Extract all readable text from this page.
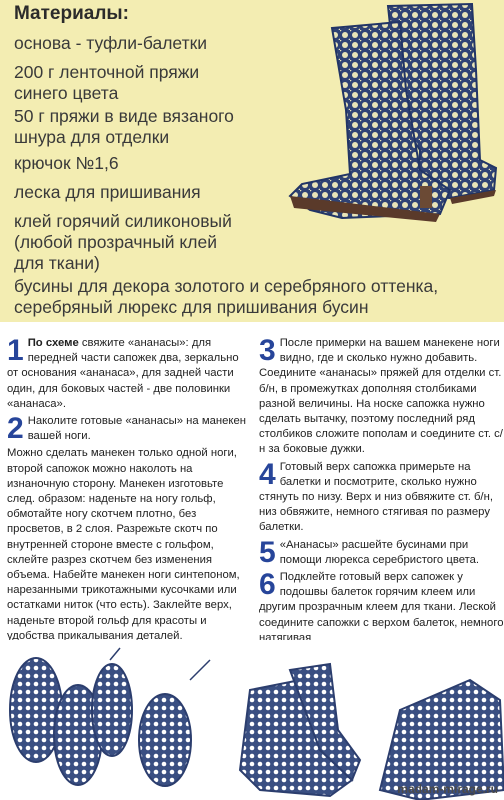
Материалы:
основа - туфли-балетки
200 г ленточной пряжи
синего цвета
50 г пряжи в виде вязаного
шнура для отделки
крючок №1,6
леска для пришивания
клей горячий силиконовый
(любой прозрачный клей
для ткани)
бусины для декора золотого и серебряного оттенка,
серебряный люрекс для пришивания бусин
1 По схеме свяжите «ананасы»: для передней части сапожек два, зеркально от основания «ананаса», для задней части один, для боковых частей - две половинки «ананаса».
2 Наколите готовые «ананасы» на манекен вашей ноги.
Можно сделать манекен только одной ноги, второй сапожок можно наколоть на изнаночную сторону. Манекен изготовьте след. образом: наденьте на ногу гольф, обмотайте ногу скотчем плотно, без просветов, в 2 слоя. Разрежьте скотч по внутренней стороне вместе с гольфом, склейте разрез скотчем без изменения объема. Набейте манекен ноги синтепоном, нарезанными трикотажными кусочками или остатками ниток (что есть). Заклейте верх, наденьте второй гольф для красоты и удобства прикалывания деталей.
3 После примерки на вашем манекене ноги видно, где и сколько нужно добавить. Соедините «ананасы» пряжей для отделки ст. б/н, в промежутках дополняя столбиками разной величины. На носке сапожка нужно сделать вытачку, поэтому последний ряд столбиков сложите пополам и соедините ст. с/н за боковые дужки.
4 Готовый верх сапожка примерьте на балетки и посмотрите, сколько нужно стянуть по низу. Верх и низ обвяжите ст. б/н, низ обвяжите, немного стягивая по размеру балетки.
5 «Ананасы» расшейте бусинами при помощи люрекса серебристого цвета.
6 Подклейте готовый верх сапожек у подошвы балеток горячим клеем или другим прозрачным клеем для ткани. Леской соедините сапожки с верхом балеток, немного натягивая
madam-mirage.ru
